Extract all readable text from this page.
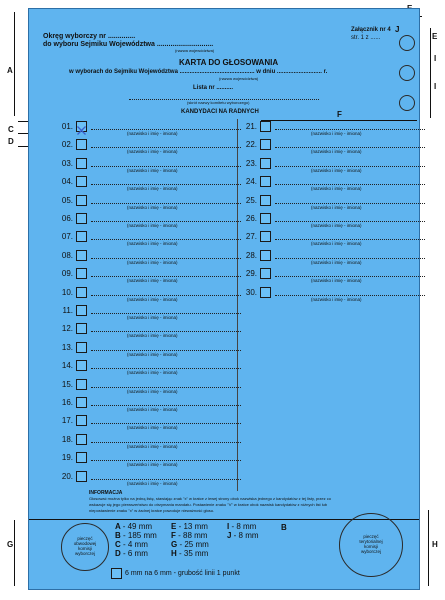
A
C
D
G
E
I
I
H
Okręg wyborczy nr ..............
do wyboru Sejmiku Województwa .............................
(nazwa województwa)
Załącznik nr 4
str. 1 z ......
J
KARTA DO GŁOSOWANIA
w wyborach do Sejmiku Województwa ............................................. w dniu ........................... r.
(nazwa województwa)
Lista nr ..........
(skrót nazwy komitetu wyborczego)
KANDYDACI NA RADNYCH	F
01.
(nazwisko i imię - imiona)
02.
(nazwisko i imię - imiona)
03.
(nazwisko i imię - imiona)
04.
(nazwisko i imię - imiona)
05.
(nazwisko i imię - imiona)
06.
(nazwisko i imię - imiona)
07.
(nazwisko i imię - imiona)
08.
(nazwisko i imię - imiona)
09.
(nazwisko i imię - imiona)
10.
(nazwisko i imię - imiona)
11.
(nazwisko i imię - imiona)
12.
(nazwisko i imię - imiona)
13.
(nazwisko i imię - imiona)
14.
(nazwisko i imię - imiona)
15.
(nazwisko i imię - imiona)
16.
(nazwisko i imię - imiona)
17.
(nazwisko i imię - imiona)
18.
(nazwisko i imię - imiona)
19.
(nazwisko i imię - imiona)
20.
(nazwisko i imię - imiona)
21.
(nazwisko i imię - imiona)
22.
(nazwisko i imię - imiona)
23.
(nazwisko i imię - imiona)
24.
(nazwisko i imię - imiona)
25.
(nazwisko i imię - imiona)
26.
(nazwisko i imię - imiona)
27.
(nazwisko i imię - imiona)
28.
(nazwisko i imię - imiona)
29.
(nazwisko i imię - imiona)
30.
(nazwisko i imię - imiona)
INFORMACJA
Głosować można tylko na jedną listę, stawiając znak "x" w kratce z lewej strony obok nazwiska jednego z kandydatów z tej listy, przez co
wskazuje się jego pierwszeństwo do otrzymania mandatu. Postawienie znaku "V" w kratce obok nazwisk kandydatów z różnych list lub
niepostawienie znaku "x" w żadnej kratce powoduje nieważność głosu.
B
pieczęć
obwodowej
komisji
wyborczej
pieczęć
terytorialnej
komisji
wyborczej
A - 49 mm
B - 185 mm
C - 4 mm
D - 6 mm
E - 13 mm
F - 88 mm
G - 25 mm
H - 35 mm
I - 8 mm
J - 8 mm
6 mm na 6 mm - grubość linii 1 punkt
